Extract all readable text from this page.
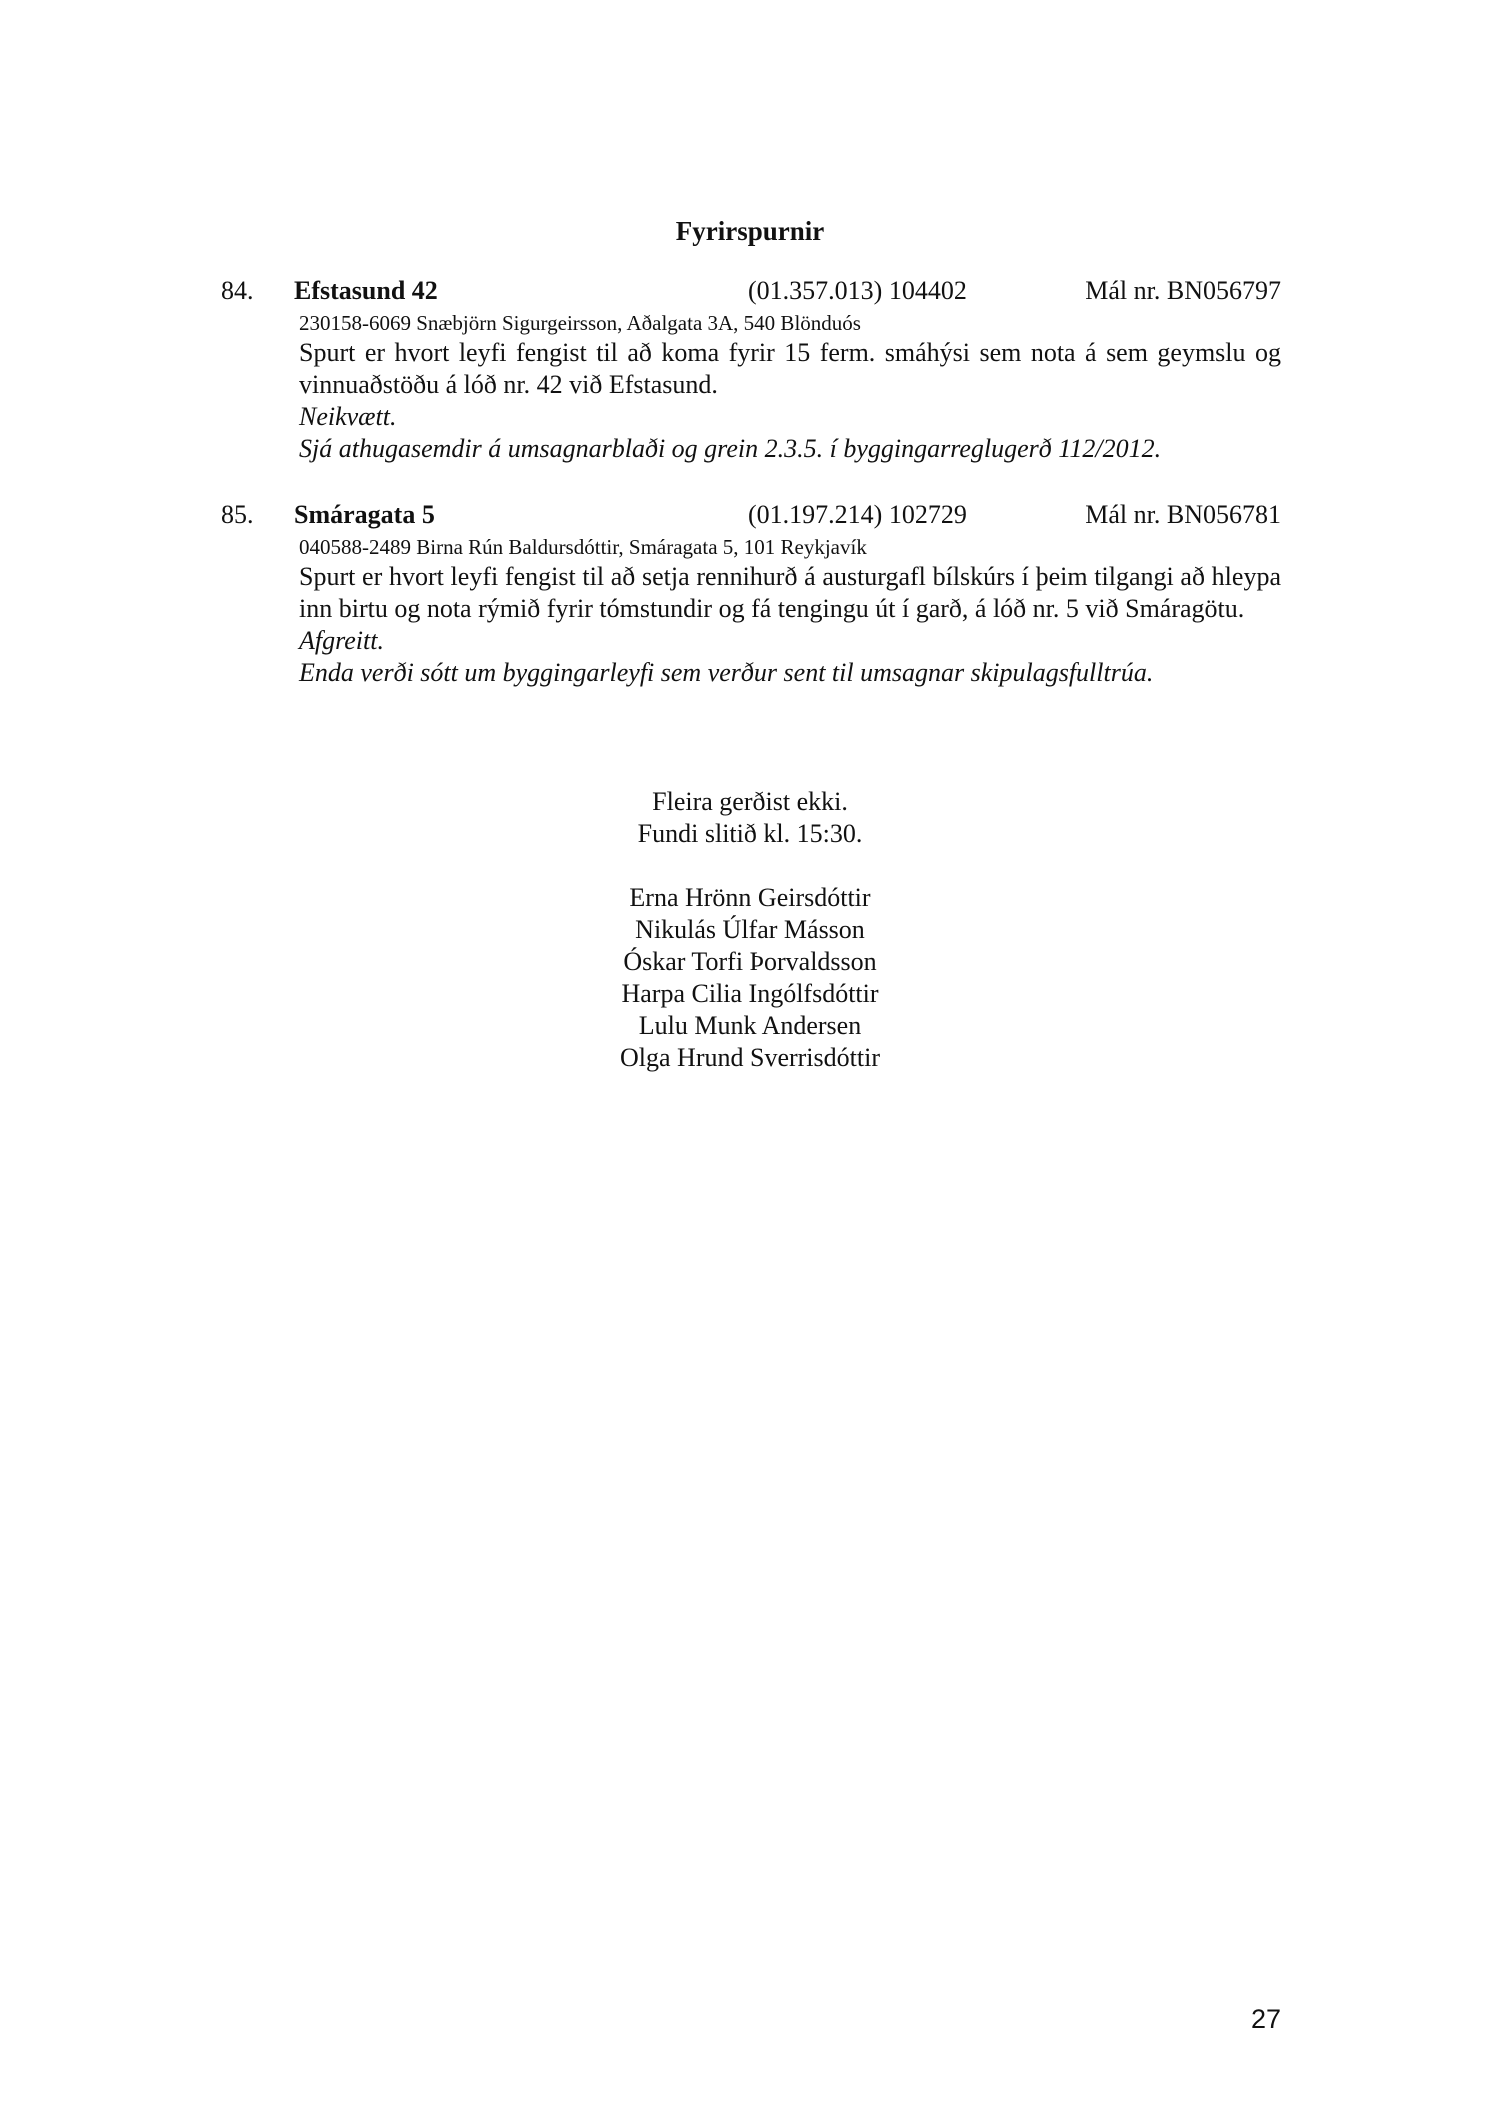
Fyrirspurnir
84. Efstasund 42	(01.357.013) 104402	Mál nr. BN056797
230158-6069 Snæbjörn Sigurgeirsson, Aðalgata 3A, 540 Blönduós
Spurt er hvort leyfi fengist til að koma fyrir 15 ferm. smáhýsi sem nota á sem geymslu og vinnuaðstöðu á lóð nr. 42 við Efstasund.
Neikvætt.
Sjá athugasemdir á umsagnarblaði og grein 2.3.5. í byggingarreglugerð 112/2012.
85. Smáragata 5	(01.197.214) 102729	Mál nr. BN056781
040588-2489 Birna Rún Baldursdóttir, Smáragata 5, 101 Reykjavík
Spurt er hvort leyfi fengist til að setja rennihurð á austurgafl bílskúrs í þeim tilgangi að hleypa inn birtu og nota rýmið fyrir tómstundir og fá tengingu út í garð, á lóð nr. 5 við Smáragötu.
Afgreitt.
Enda verði sótt um byggingarleyfi sem verður sent til umsagnar skipulagsfulltrúa.
Fleira gerðist ekki.
Fundi slitið kl. 15:30.
Erna Hrönn Geirsdóttir
Nikulás Úlfar Másson
Óskar Torfi Þorvaldsson
Harpa Cilia Ingólfsdóttir
Lulu Munk Andersen
Olga Hrund Sverrisdóttir
27
